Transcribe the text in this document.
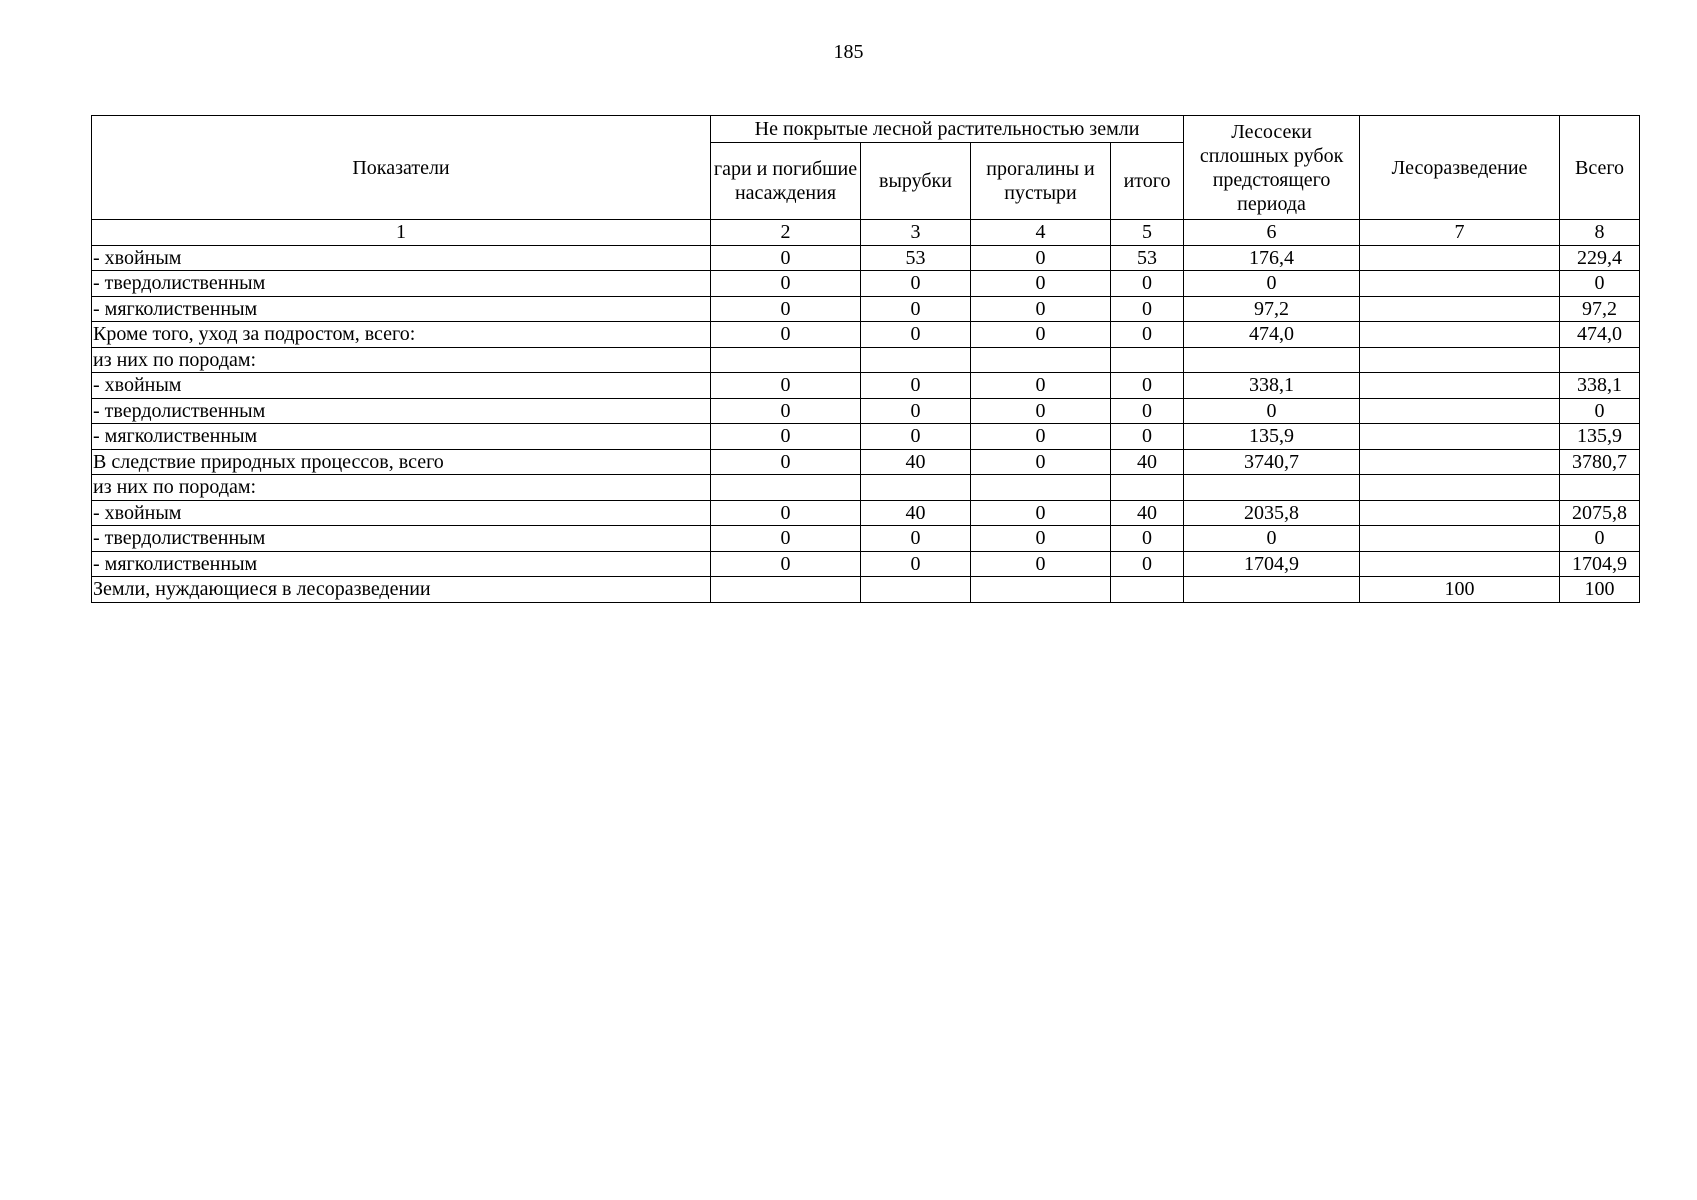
185
Показатели	Не покрытые лесной растительностью земли				Лесосеки сплошных рубок предстоящего периода	Лесоразведение	Всего
	гари и погибшие насаждения	вырубки	прогалины и пустыри	итого			
1	2	3	4	5	6	7	8
- хвойным	0	53	0	53	176,4		229,4
- твердолиственным	0	0	0	0	0		0
- мягколиственным	0	0	0	0	97,2		97,2
Кроме того, уход за подростом, всего:	0	0	0	0	474,0		474,0
из них по породам:							
- хвойным	0	0	0	0	338,1		338,1
- твердолиственным	0	0	0	0	0		0
- мягколиственным	0	0	0	0	135,9		135,9
В следствие природных процессов, всего	0	40	0	40	3740,7		3780,7
из них по породам:							
- хвойным	0	40	0	40	2035,8		2075,8
- твердолиственным	0	0	0	0	0		0
- мягколиственным	0	0	0	0	1704,9		1704,9
Земли, нуждающиеся в лесоразведении						100	100
